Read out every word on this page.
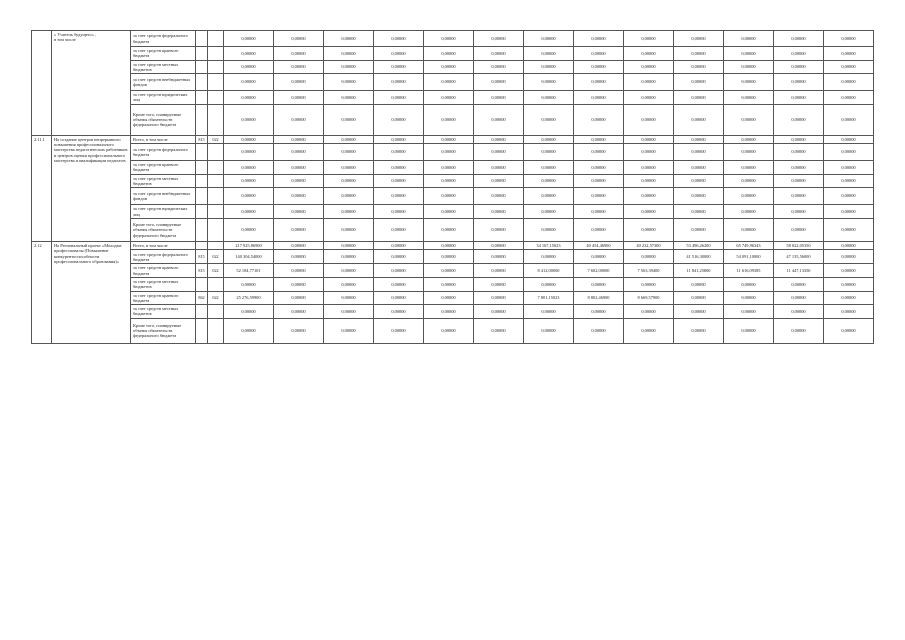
	« Учитель будущего» ,
в том числе	за счет средств федерального бюджета			0,00000	0,00000	0,00000	0,00000	0,00000	0,00000	0,00000	0,00000	0,00000	0,00000	0,00000	0,00000	0,00000
		за счет средств краевого бюджета			0,00000	0,00000	0,00000	0,00000	0,00000	0,00000	0,00000	0,00000	0,00000	0,00000	0,00000	0,00000	0,00000
		за счет средств местных бюджетов			0,00000	0,00000	0,00000	0,00000	0,00000	0,00000	0,00000	0,00000	0,00000	0,00000	0,00000	0,00000	0,00000
		за счет средств внебюджетных фондов			0,00000	0,00000	0,00000	0,00000	0,00000	0,00000	0,00000	0,00000	0,00000	0,00000	0,00000	0,00000	0,00000
		за счет средств юридических лиц			0,00000	0,00000	0,00000	0,00000	0,00000	0,00000	0,00000	0,00000	0,00000	0,00000	0,00000	0,00000	0,00000
		Кроме того, планируемые объемы обязательств федерального бюджета			0,00000	0,00000	0,00000	0,00000	0,00000	0,00000	0,00000	0,00000	0,00000	0,00000	0,00000	0,00000	0,00000
2.11.1	На создание центров непрерывного повышения профессионального мастерства педагогических работников и центров оценки профессионального мастерства и квалификации педагогов	Всего, в том числе	815	022	0,00000	0,00000	0,00000	0,00000	0,00000	0,00000	0,00000	0,00000	0,00000	0,00000	0,00000	0,00000	0,00000
		за счет средств федерального бюджета			0,00000	0,00000	0,00000	0,00000	0,00000	0,00000	0,00000	0,00000	0,00000	0,00000	0,00000	0,00000	0,00000
		за счет средств краевого бюджета			0,00000	0,00000	0,00000	0,00000	0,00000	0,00000	0,00000	0,00000	0,00000	0,00000	0,00000	0,00000	0,00000
		за счет средств местных бюджетов			0,00000	0,00000	0,00000	0,00000	0,00000	0,00000	0,00000	0,00000	0,00000	0,00000	0,00000	0,00000	0,00000
		за счет средств внебюджетных фондов			0,00000	0,00000	0,00000	0,00000	0,00000	0,00000	0,00000	0,00000	0,00000	0,00000	0,00000	0,00000	0,00000
		за счет средств юридических лиц			0,00000	0,00000	0,00000	0,00000	0,00000	0,00000	0,00000	0,00000	0,00000	0,00000	0,00000	0,00000	0,00000
		Кроме того, планируемые объемы обязательств федерального бюджета			0,00000	0,00000	0,00000	0,00000	0,00000	0,00000	0,00000	0,00000	0,00000	0,00000	0,00000	0,00000	0,00000
2.12	На Региональный проект «Молодые профессионалы (Повышение конкурентоспособности профессионального образования)»	Всего, в том числе			217 925,86900	0,00000	0,00000	0,00000	0,00000	0,00000	34 167,15023	40 454,46900	40 232,57300	53 496,26200	65 749,96343	58 022,05350	0,00000
		за счет средств федерального бюджета	815	022	140 304,54000	0,00000	0,00000	0,00000	0,00000	0,00000	0,00000	0,00000	0,00000	41 516,30000	54 091,10000	47 135,56000	0,00000
		за счет средств краевого бюджета	815	022	52 184,77101	0,00000	0,00000	0,00000	0,00000	0,00000	8 412,00000	7 602,00000	7 563,39400	11 841,25800	11 616,09385	11 447,13350	0,00000
		за счет средств местных бюджетов			0,00000	0,00000	0,00000	0,00000	0,00000	0,00000	0,00000	0,00000	0,00000	0,00000	0,00000	0,00000	0,00000
		за счет средств краевого бюджета	862	022	25 276,59900	0,00000	0,00000	0,00000	0,00000	0,00000	7 801,15023	8 802,46900	8 669,57900	0,00000	0,00000	0,00000	0,00000
		за счет средств местных бюджетов			0,00000	0,00000	0,00000	0,00000	0,00000	0,00000	0,00000	0,00000	0,00000	0,00000	0,00000	0,00000	0,00000
		Кроме того, планируемые объемы обязательств федерального бюджета			0,00000	0,00000	0,00000	0,00000	0,00000	0,00000	0,00000	0,00000	0,00000	0,00000	0,00000	0,00000	0,00000
